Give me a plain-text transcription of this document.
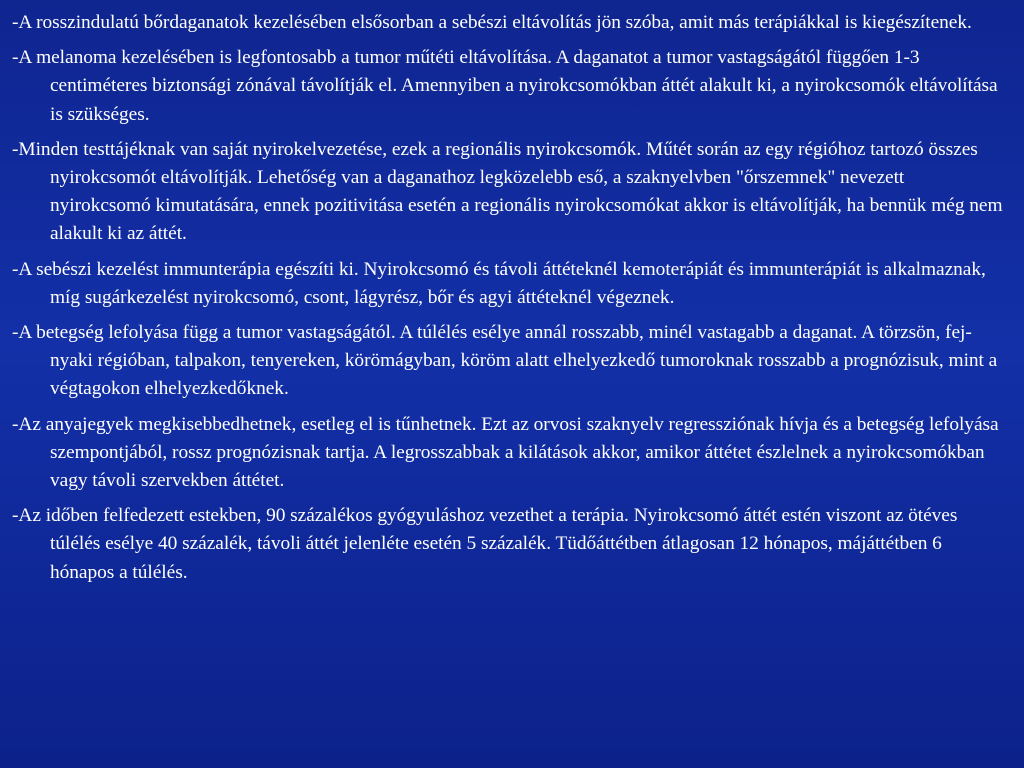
-A rosszindulatú bőrdaganatok kezelésében elsősorban a sebészi eltávolítás jön szóba, amit más terápiákkal is kiegészítenek.

-A melanoma kezelésében is legfontosabb a tumor műtéti eltávolítása. A daganatot a tumor vastagságától függően 1-3 centiméteres biztonsági zónával távolítják el. Amennyiben a nyirokcsomókban áttét alakult ki, a nyirokcsomók eltávolítása is szükséges.

-Minden testtájéknak van saját nyirokelvezetése, ezek a regionális nyirokcsomók. Műtét során az egy régióhoz tartozó összes nyirokcsomót eltávolítják. Lehetőség van a daganathoz legközelebb eső, a szaknyelvben "őrszemnek" nevezett nyirokcsomó kimutatására, ennek pozitivitása esetén a regionális nyirokcsomókat akkor is eltávolítják, ha bennük még nem alakult ki az áttét.

-A sebészi kezelést immunterápia egészíti ki. Nyirokcsomó és távoli áttéteknél kemoterápiát és immunterápiát is alkalmaznak, míg sugárkezelést nyirokcsomó, csont, lágyrész, bőr és agyi áttéteknél végeznek.

-A betegség lefolyása függ a tumor vastagságától. A túlélés esélye annál rosszabb, minél vastagabb a daganat. A törzsön, fej-nyaki régióban, talpakon, tenyereken, körömágyban, köröm alatt elhelyezkedő tumoroknak rosszabb a prognózisuk, mint a végtagokon elhelyezkedőknek.

-Az anyajegyek megkisebbedhetnek, esetleg el is tűnhetnek. Ezt az orvosi szaknyelv regressziónak hívja és a betegség lefolyása szempontjából, rossz prognózisnak tartja. A legrosszabbak a kilátások akkor, amikor áttétet észlelnek a nyirokcsomókban vagy távoli szervekben áttétet.

-Az időben felfedezett estekben, 90 százalékos gyógyuláshoz vezethet a terápia. Nyirokcsomó áttét estén viszont az ötéves túlélés esélye 40 százalék, távoli áttét jelenléte esetén 5 százalék. Tüdőáttétben átlagosan 12 hónapos, májáttétben 6 hónapos a túlélés.
